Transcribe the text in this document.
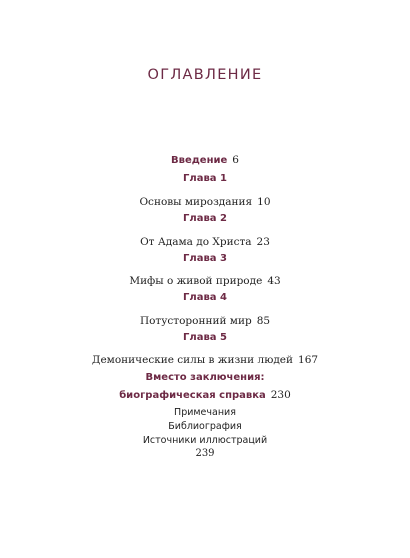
ОГЛАВЛЕНИЕ
Введение 6
Глава 1
Основы мироздания 10
Глава 2
От Адама до Христа 23
Глава 3
Мифы о живой природе 43
Глава 4
Потусторонний мир 85
Глава 5
Демонические силы в жизни людей 167
Вместо заключения:
биографическая справка 230
Примечания
Библиография
Источники иллюстраций
239
